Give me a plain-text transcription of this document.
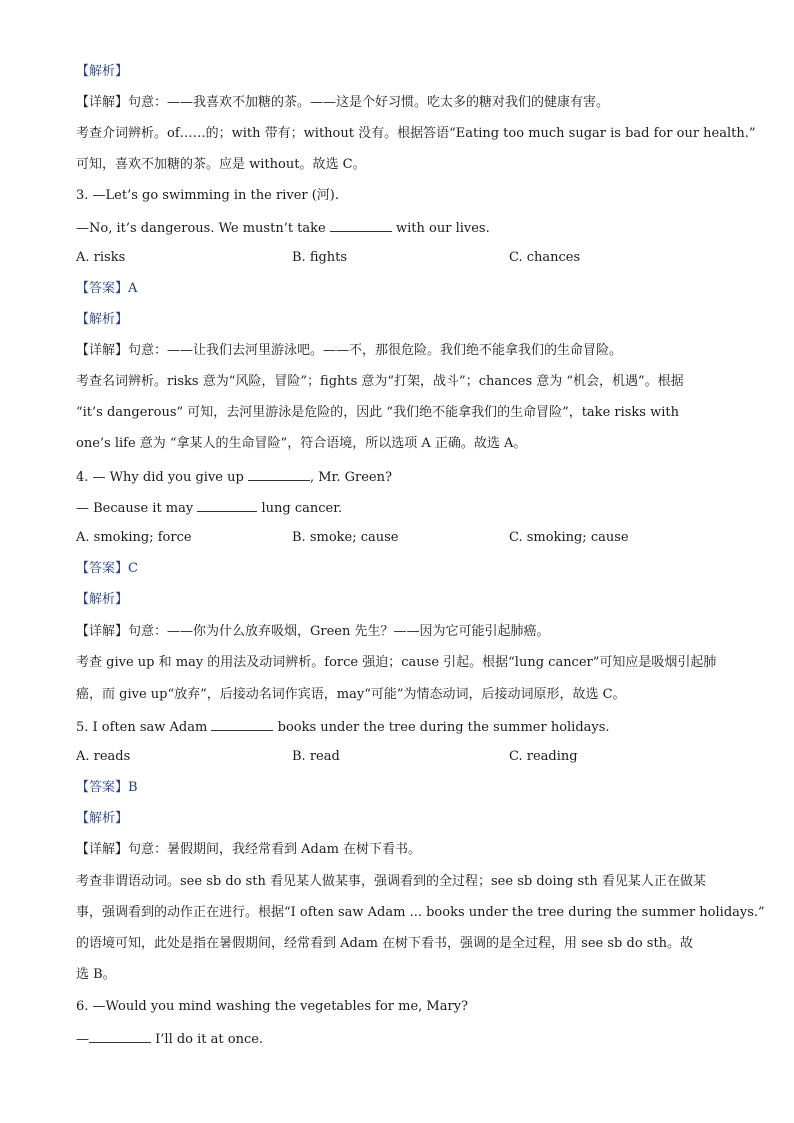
【解析】
【详解】句意：——我喜欢不加糖的茶。——这是个好习惯。吃太多的糖对我们的健康有害。
考查介词辨析。of……的；with 带有；without 没有。根据答语“Eating too much sugar is bad for our health.”
可知，喜欢不加糖的茶。应是 without。故选 C。
3. —Let’s go swimming in the river (河).
—No, it’s dangerous. We mustn’t take	with our lives.
A. risks	B. fights	C. chances
【答案】A
【解析】
【详解】句意：——让我们去河里游泳吧。——不，那很危险。我们绝不能拿我们的生命冒险。
考查名词辨析。risks 意为“风险，冒险”；fights 意为“打架，战斗”；chances 意为 “机会，机遇”。根据
“it’s dangerous” 可知，去河里游泳是危险的，因此 “我们绝不能拿我们的生命冒险”，take risks with
one’s life 意为 “拿某人的生命冒险”，符合语境，所以选项 A 正确。故选 A。
4. — Why did you give up	, Mr. Green?
— Because it may	lung cancer.
A. smoking; force	B. smoke; cause	C. smoking; cause
【答案】C
【解析】
【详解】句意：——你为什么放弃吸烟，Green 先生？——因为它可能引起肺癌。
考查 give up 和 may 的用法及动词辨析。force 强迫；cause 引起。根据“lung cancer”可知应是吸烟引起肺
癌，而 give up“放弃”，后接动名词作宾语，may“可能”为情态动词，后接动词原形，故选 C。
5. I often saw Adam	books under the tree during the summer holidays.
A. reads	B. read	C. reading
【答案】B
【解析】
【详解】句意：暑假期间，我经常看到 Adam 在树下看书。
考查非谓语动词。see sb do sth 看见某人做某事，强调看到的全过程；see sb doing sth 看见某人正在做某
事，强调看到的动作正在进行。根据“I often saw Adam ... books under the tree during the summer holidays.”
的语境可知，此处是指在暑假期间，经常看到 Adam 在树下看书，强调的是全过程，用 see sb do sth。故
选 B。
6. —Would you mind washing the vegetables for me, Mary?
—	I’ll do it at once.
